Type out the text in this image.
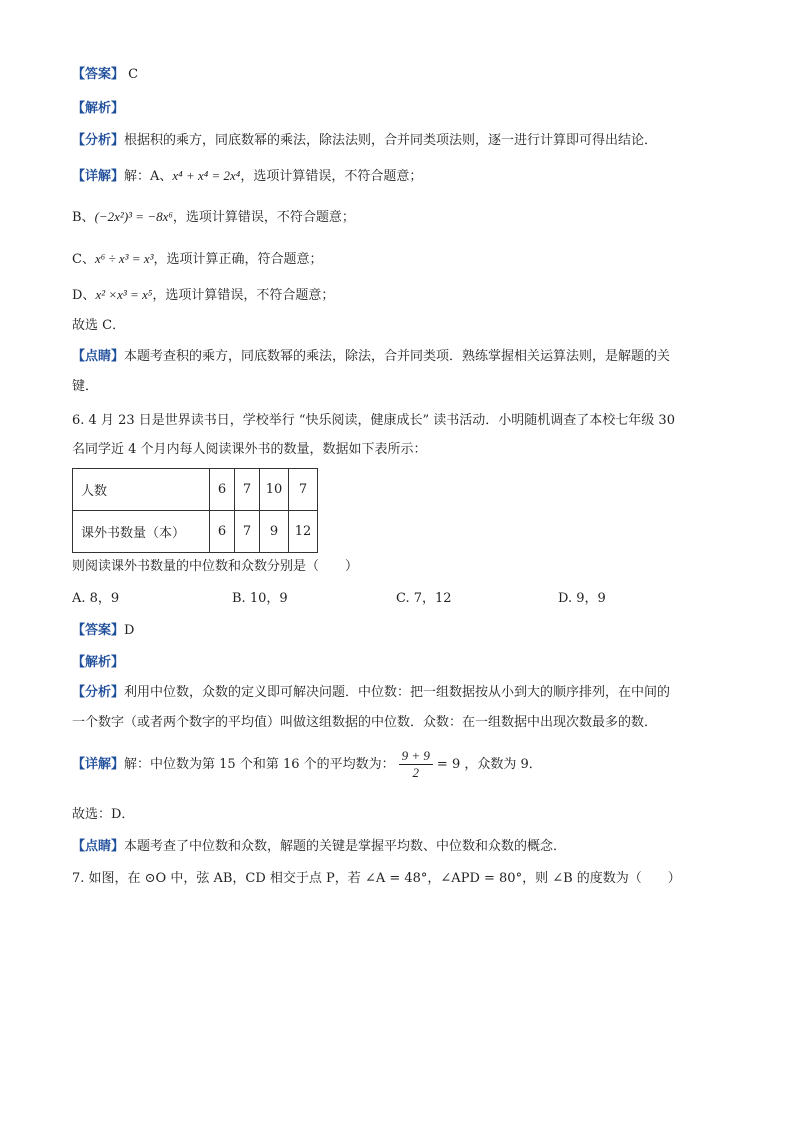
【答案】 C
【解析】
【分析】根据积的乘方，同底数幂的乘法，除法法则，合并同类项法则，逐一进行计算即可得出结论．
【详解】解：A、x⁴ + x⁴ = 2x⁴，选项计算错误，不符合题意；
B、(−2x²)³ = −8x⁶，选项计算错误，不符合题意；
C、x⁶ ÷ x³ = x³，选项计算正确，符合题意；
D、x² ×x³ = x⁵，选项计算错误，不符合题意；
故选 C．
【点睛】本题考查积的乘方，同底数幂的乘法，除法，合并同类项．熟练掌握相关运算法则，是解题的关
键．
6. 4 月 23 日是世界读书日，学校举行 “快乐阅读，健康成长” 读书活动．小明随机调查了本校七年级 30
名同学近 4 个月内每人阅读课外书的数量，数据如下表所示：
人数	6	7	10	7
课外书数量（本）	6	7	9	12
则阅读课外书数量的中位数和众数分别是（　　）
A. 8，9	B. 10，9	C. 7，12	D. 9，9
【答案】D
【解析】
【分析】利用中位数，众数的定义即可解决问题．中位数：把一组数据按从小到大的顺序排列，在中间的
一个数字（或者两个数字的平均值）叫做这组数据的中位数．众数：在一组数据中出现次数最多的数．
【详解】解：中位数为第 15 个和第 16 个的平均数为： $\frac{9 + 9}{2} = 9$ ，众数为 9．
故选：D．
【点睛】本题考查了中位数和众数，解题的关键是掌握平均数、中位数和众数的概念．
7. 如图，在 ⊙O 中，弦 AB，CD 相交于点 P，若 ∠A = 48°，∠APD = 80°，则 ∠B 的度数为（　　）
